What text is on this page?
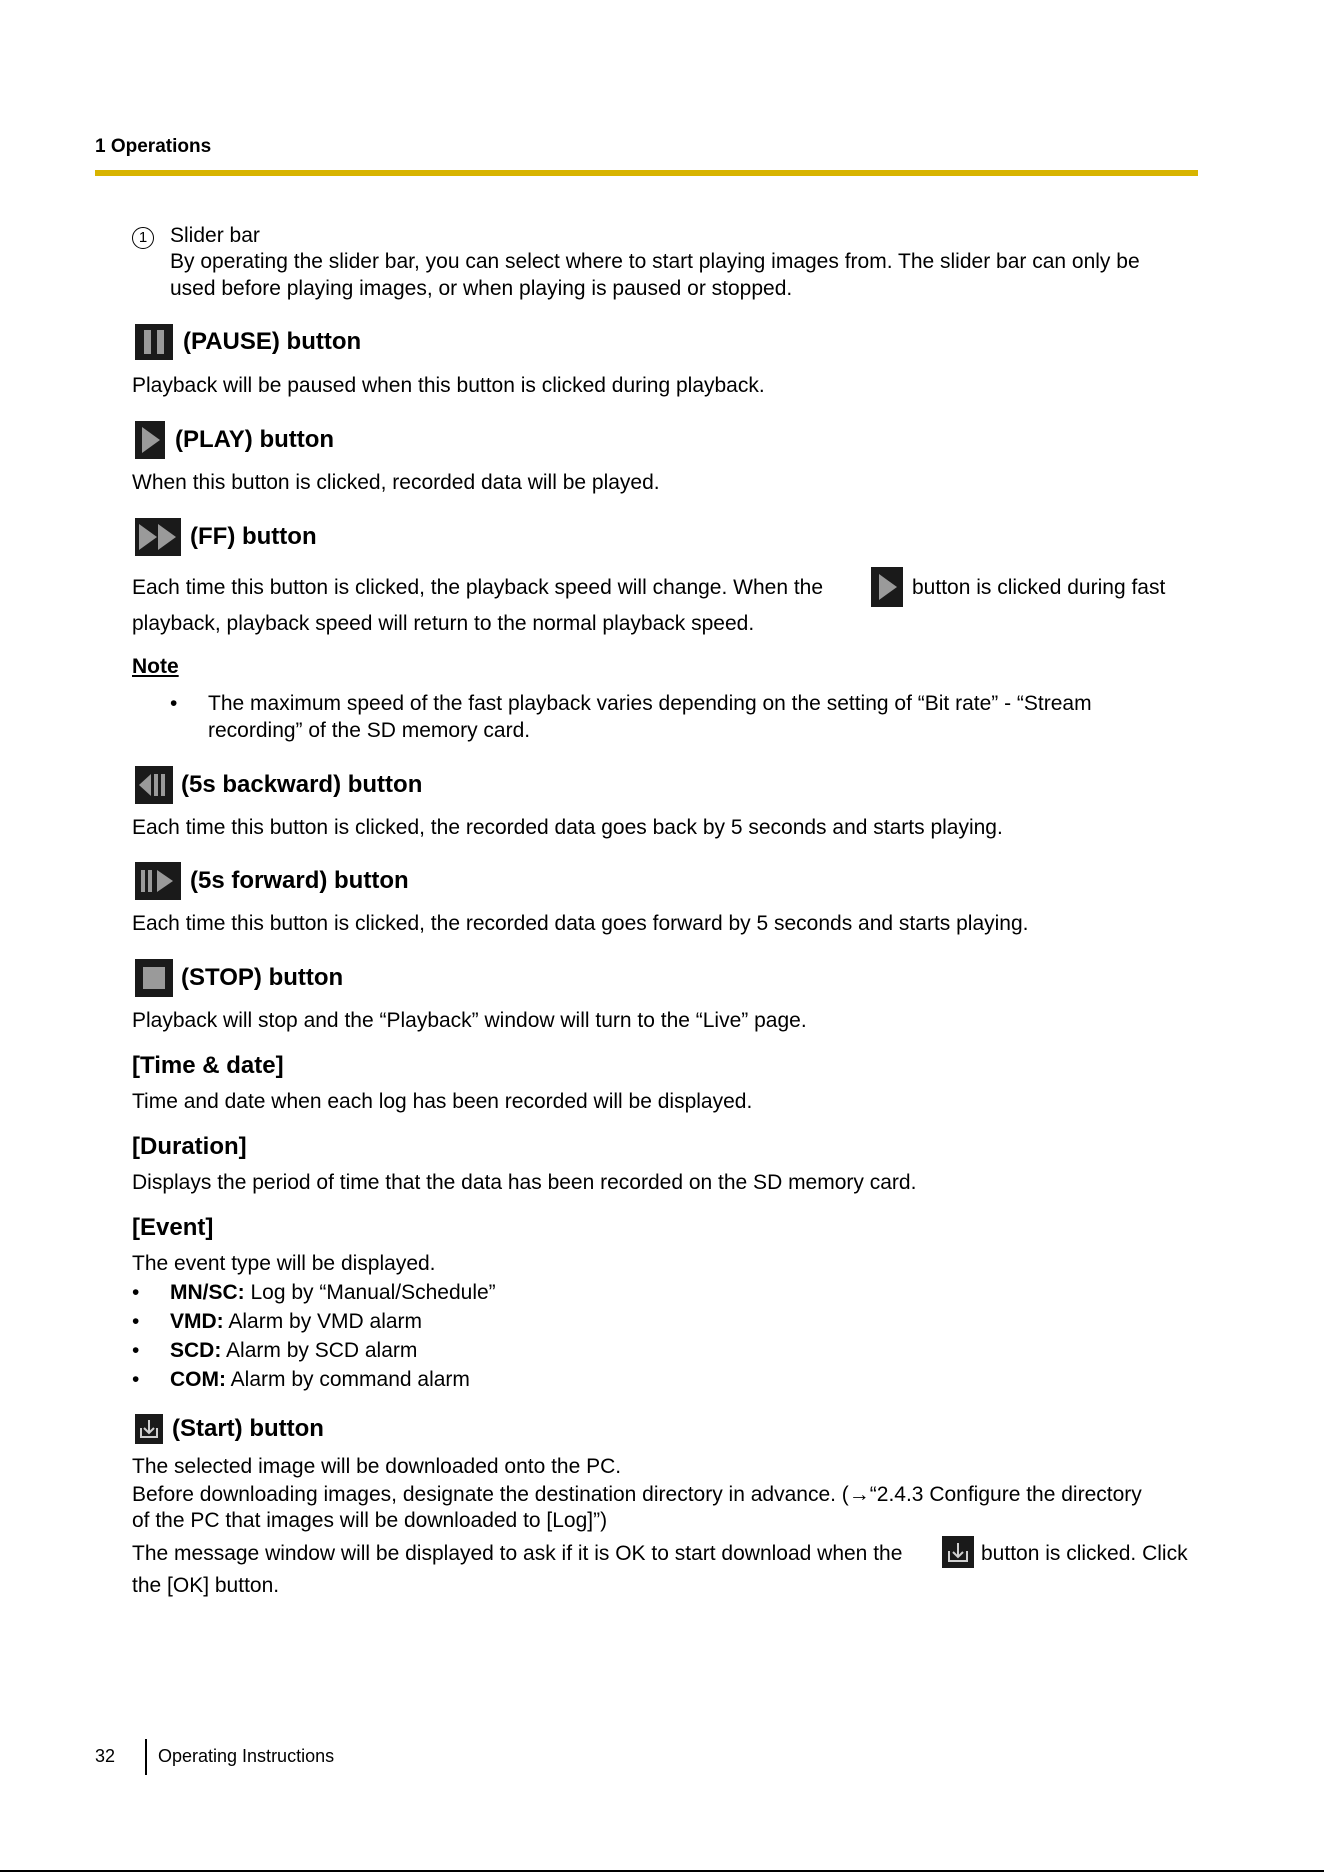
1 Operations
1	Slider bar
By operating the slider bar, you can select where to start playing images from. The slider bar can only be
used before playing images, or when playing is paused or stopped.
(PAUSE) button
Playback will be paused when this button is clicked during playback.
(PLAY) button
When this button is clicked, recorded data will be played.
(FF) button
Each time this button is clicked, the playback speed will change. When the	button is clicked during fast
playback, playback speed will return to the normal playback speed.
Note
• The maximum speed of the fast playback varies depending on the setting of “Bit rate” - “Stream
recording” of the SD memory card.
(5s backward) button
Each time this button is clicked, the recorded data goes back by 5 seconds and starts playing.
(5s forward) button
Each time this button is clicked, the recorded data goes forward by 5 seconds and starts playing.
(STOP) button
Playback will stop and the “Playback” window will turn to the “Live” page.
[Time & date]
Time and date when each log has been recorded will be displayed.
[Duration]
Displays the period of time that the data has been recorded on the SD memory card.
[Event]
The event type will be displayed.
• MN/SC: Log by “Manual/Schedule”
• VMD: Alarm by VMD alarm
• SCD: Alarm by SCD alarm
• COM: Alarm by command alarm
(Start) button
The selected image will be downloaded onto the PC.
Before downloading images, designate the destination directory in advance. (→“2.4.3 Configure the directory
of the PC that images will be downloaded to [Log]”)
The message window will be displayed to ask if it is OK to start download when the	button is clicked. Click
the [OK] button.
32 Operating Instructions
